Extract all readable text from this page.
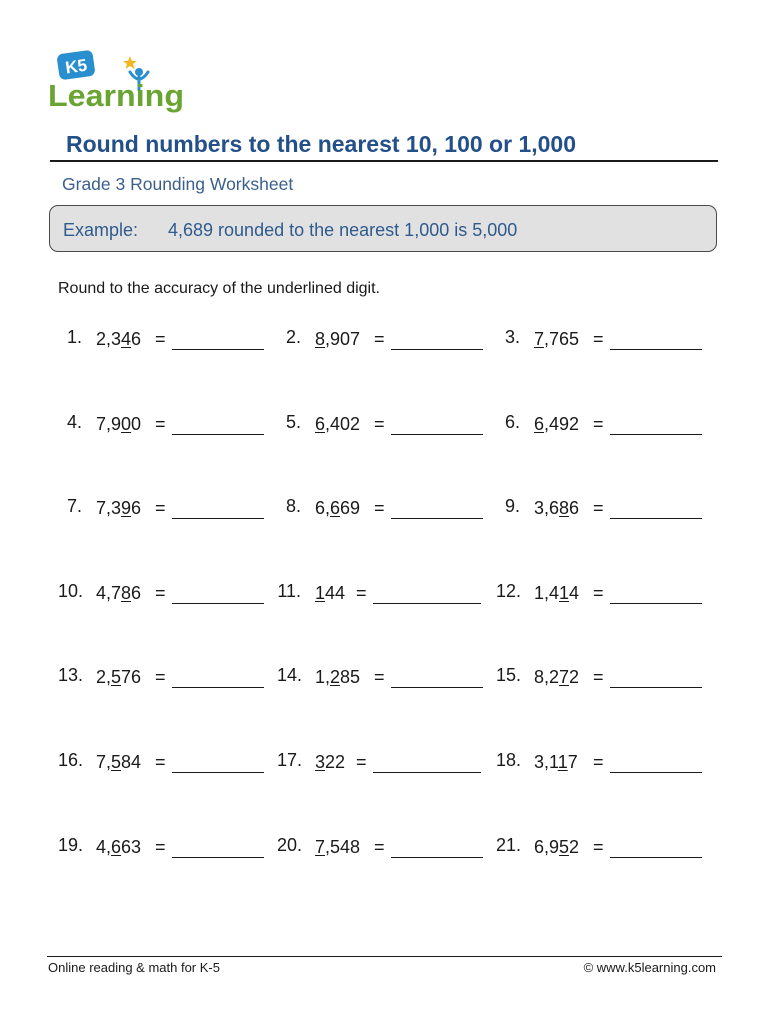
K5
Learning
Round numbers to the nearest 10, 100 or 1,000
Grade 3 Rounding Worksheet
Example: 4,689 rounded to the nearest 1,000 is 5,000
Round to the accuracy of the underlined digit.
1. 2,346 =	2. 8,907 =	3. 7,765 =
4. 7,900 =	5. 6,402 =	6. 6,492 =
7. 7,396 =	8. 6,669 =	9. 3,686 =
10. 4,786 =	11. 144 =	12. 1,414 =
13. 2,576 =	14. 1,285 =	15. 8,272 =
16. 7,584 =	17. 322 =	18. 3,117 =
19. 4,663 =	20. 7,548 =	21. 6,952 =
Online reading & math for K-5	© www.k5learning.com
